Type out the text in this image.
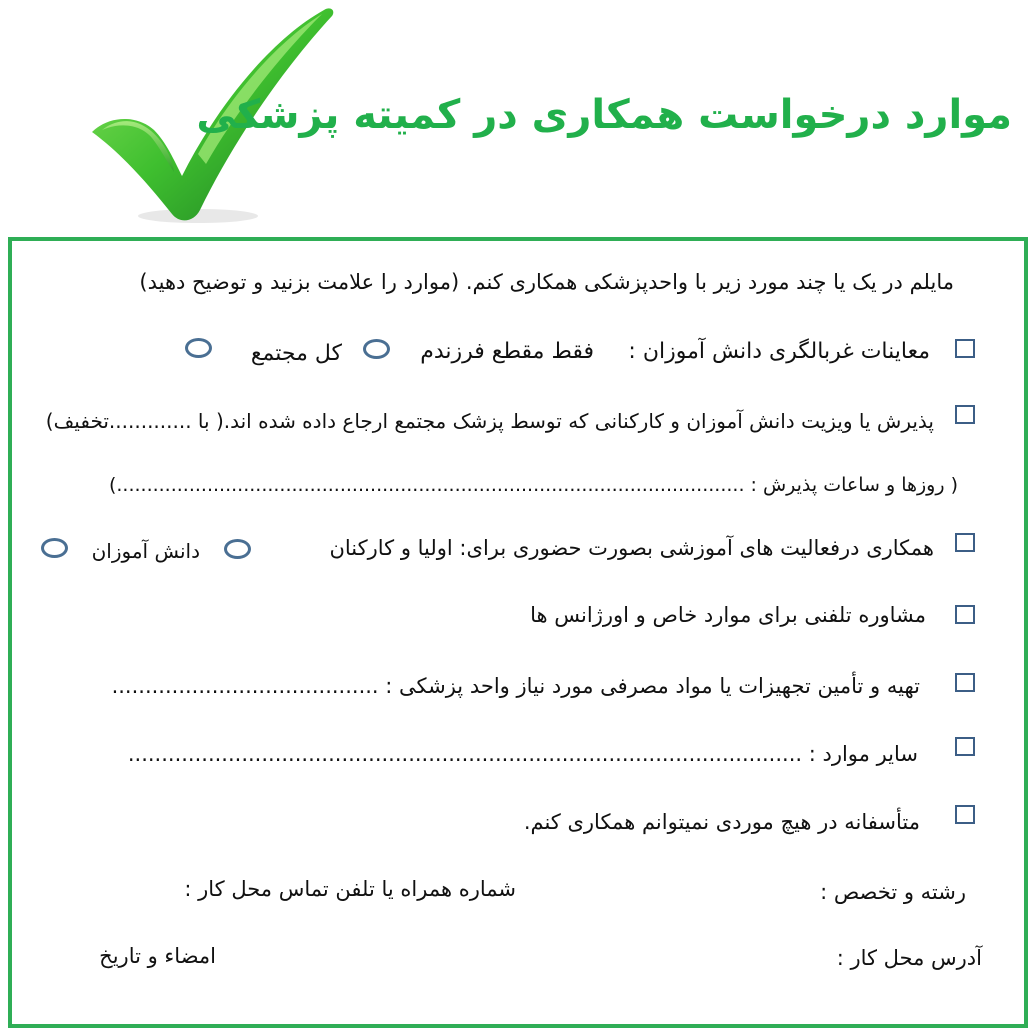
موارد درخواست همکاری در کمیته پزشکی
مایلم در یک یا چند مورد زیر با واحدپزشکی همکاری کنم. (موارد را علامت بزنید و توضیح دهید)
معاینات غربالگری دانش آموزان :
فقط مقطع فرزندم
کل مجتمع
پذیرش یا ویزیت دانش آموزان و کارکنانی که توسط پزشک مجتمع ارجاع داده شده اند.( با .............تخفیف)
( روزها و ساعات پذیرش : ........................................................................................................)
همکاری درفعالیت های آموزشی بصورت حضوری برای: اولیا و کارکنان
دانش آموزان
مشاوره تلفنی برای موارد خاص و اورژانس ها
تهیه و تأمین تجهیزات یا مواد مصرفی مورد نیاز واحد پزشکی : ........................................
سایر موارد : .....................................................................................................
متأسفانه در هیچ موردی نمیتوانم همکاری کنم.
رشته و تخصص :
شماره همراه یا تلفن تماس محل کار :
آدرس محل کار :
امضاء و تاریخ
